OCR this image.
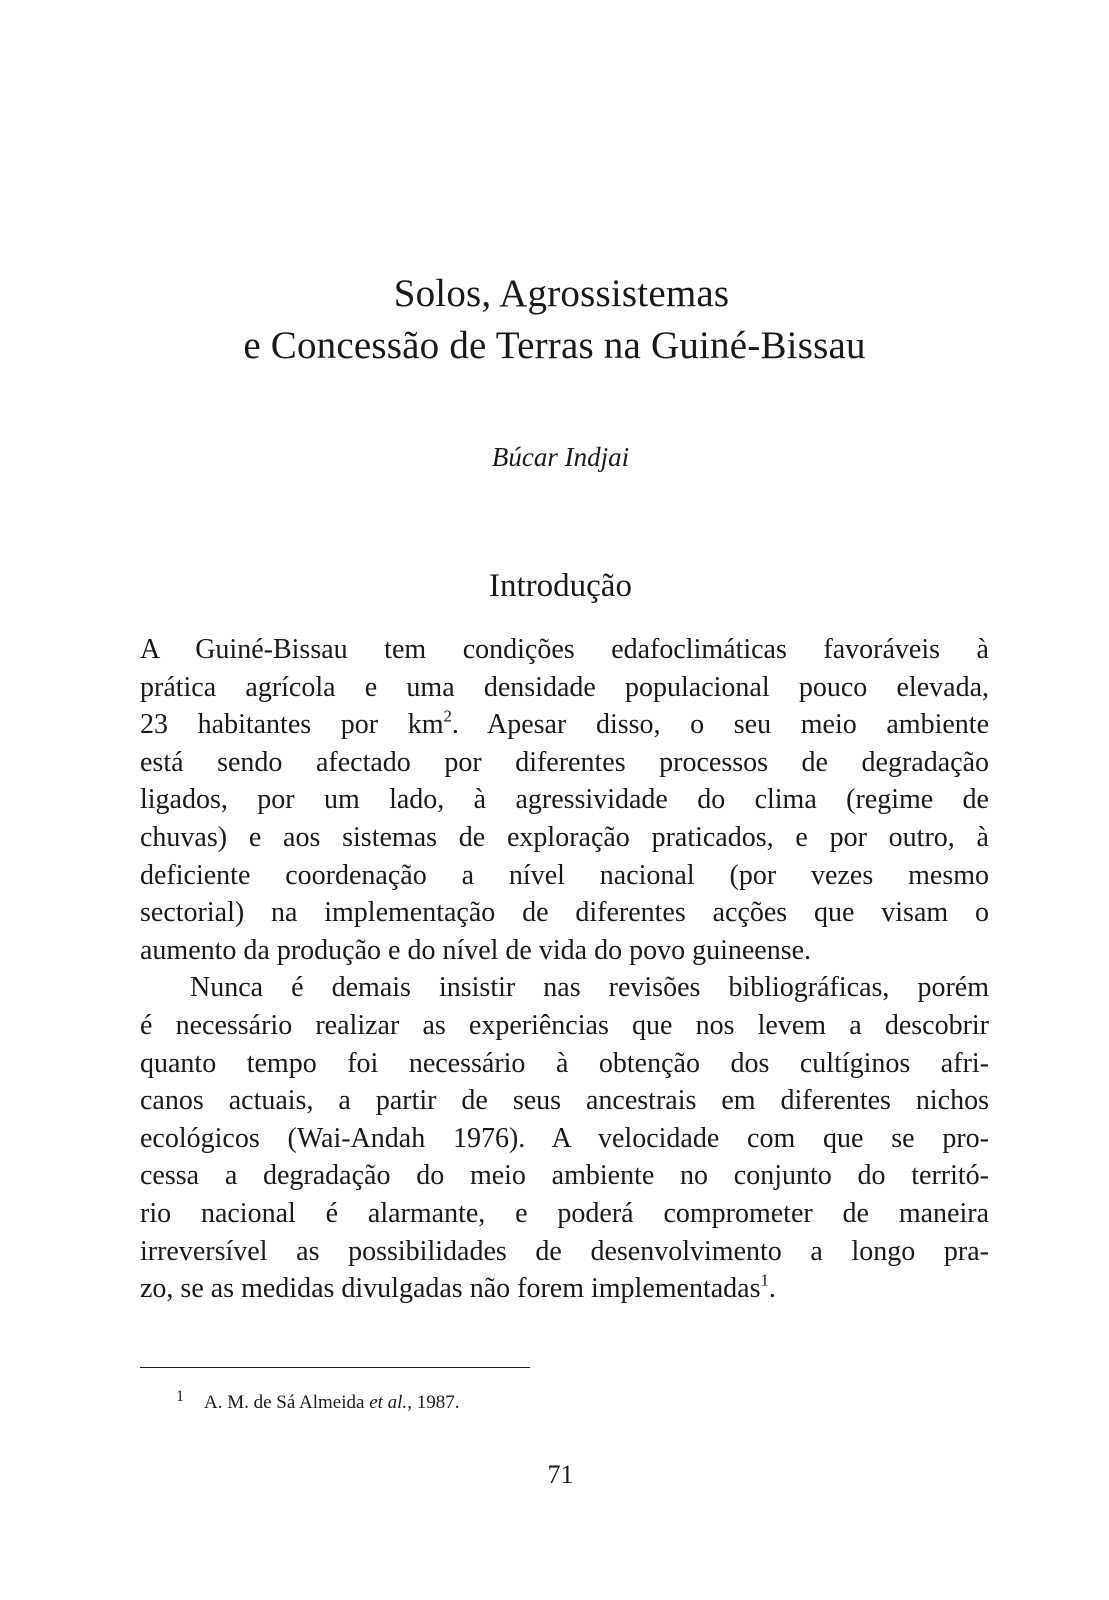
Solos, Agrossistemas
e Concessão de Terras na Guiné-Bissau
Búcar Indjai
Introdução
A Guiné-Bissau tem condições edafoclimáticas favoráveis à
prática agrícola e uma densidade populacional pouco elevada,
23 habitantes por $km^2$. Apesar disso, o seu meio ambiente
está sendo afectado por diferentes processos de degradação
ligados, por um lado, à agressividade do clima (regime de
chuvas) e aos sistemas de exploração praticados, e por outro, à
deficiente coordenação a nível nacional (por vezes mesmo
sectorial) na implementação de diferentes acções que visam o
aumento da produção e do nível de vida do povo guineense.
Nunca é demais insistir nas revisões bibliográficas, porém
é necessário realizar as experiências que nos levem a descobrir
quanto tempo foi necessário à obtenção dos cultíginos afri-
canos actuais, a partir de seus ancestrais em diferentes nichos
ecológicos (Wai-Andah 1976). A velocidade com que se pro-
cessa a degradação do meio ambiente no conjunto do territó-
rio nacional é alarmante, e poderá comprometer de maneira
irreversível as possibilidades de desenvolvimento a longo pra-
zo, se as medidas divulgadas não forem implementadas$^1$.
$^1$ A. M. de Sá Almeida et al., 1987.
71
